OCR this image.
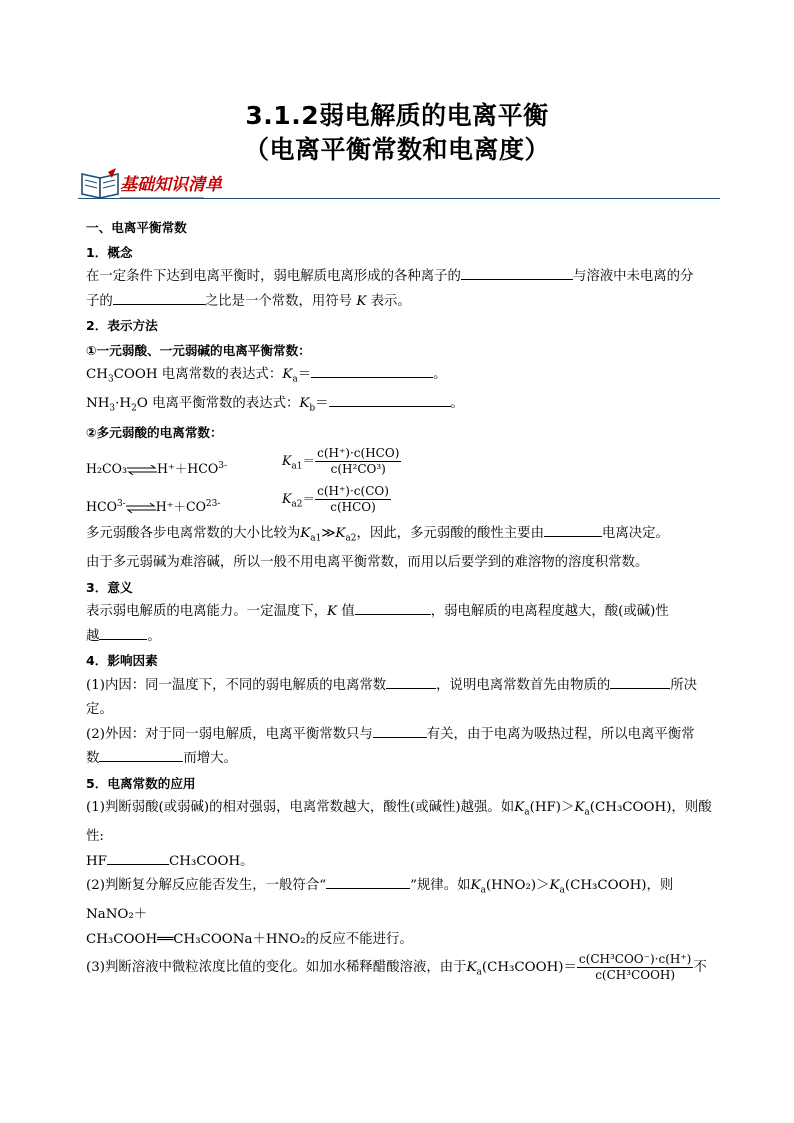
3.1.2弱电解质的电离平衡
（电离平衡常数和电离度）
基础知识清单

一、电离平衡常数

1．概念

在一定条件下达到电离平衡时，弱电解质电离形成的各种离子的	与溶液中未电离的分

子的	之比是一个常数，用符号 K 表示。

2．表示方法

①一元弱酸、一元弱碱的电离平衡常数：

$CH_3COOH$ 电离常数的表达式：$K_a=$	。

$NH_3\cdot H_2O$ 电离平衡常数的表达式：$K_b=$	。

②多元弱酸的电离常数：

$H_2CO_3\rightleftharpoons H^++HCO^{3-}$	$K_{a1}= \frac{\text{c(H⁺)·c(HCO)}}{\text{c(H²CO³)}}$
$HCO^{3-}\rightleftharpoons H^++CO^{23-}$	$K_{a2}= \frac{c(H^+)\cdot c(CO)}{\text{c(HCO)}}$

多元弱酸各步电离常数的大小比较为$K_{a1}≫K_{a2}$，因此，多元弱酸的酸性主要由	电离决定。

由于多元弱碱为难溶碱，所以一般不用电离平衡常数，而用以后要学到的难溶物的溶度积常数。

3．意义

表示弱电解质的电离能力。一定温度下，K 值	，弱电解质的电离程度越大，酸(或碱)性

越	。

4．影响因素

(1)内因：同一温度下，不同的弱电解质的电离常数	，说明电离常数首先由物质的	所决

定。

(2)外因：对于同一弱电解质，电离平衡常数只与	有关，由于电离为吸热过程，所以电离平衡常

数	而增大。

5．电离常数的应用

(1)判断弱酸(或弱碱)的相对强弱，电离常数越大，酸性(或碱性)越强。如$K_a(HF)>K_a(CH_3COOH)$，则酸性:

HF	CH₃COOH。

(2)判断复分解反应能否发生，一般符合“	”规律。如$K_a(HNO_2)>K_a(CH_3COOH)$，则 NaNO₂＋

CH₃COOH══CH₃COONa＋HNO₂的反应不能进行。

(3)判断溶液中微粒浓度比值的变化。如加水稀释醋酸溶液，由于$K_a(CH_3COOH)= \frac{\text{c(CH³COO⁻)·c(H⁺)}}{\text{c(CH³COOH)}}$ 不
